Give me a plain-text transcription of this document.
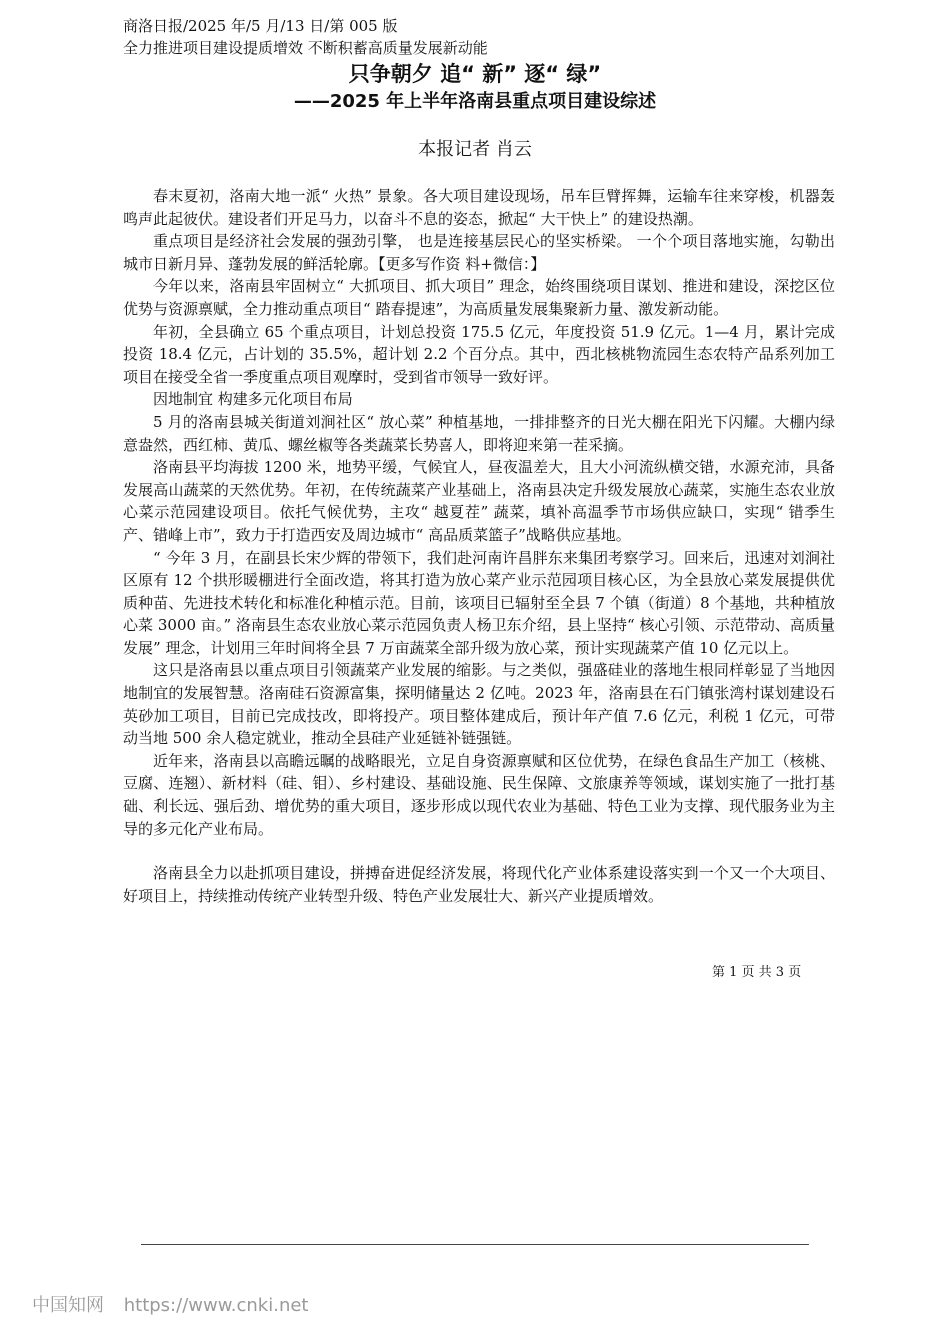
商洛日报/2025 年/5 月/13 日/第 005 版
全力推进项目建设提质增效 不断积蓄高质量发展新动能
只争朝夕 追“ 新” 逐“ 绿”
——2025 年上半年洛南县重点项目建设综述
本报记者 肖云

春末夏初，洛南大地一派“ 火热” 景象。各大项目建设现场，吊车巨臂挥舞，运输车往来穿梭，机器轰鸣声此起彼伏。建设者们开足马力，以奋斗不息的姿态，掀起“ 大干快上” 的建设热潮。

重点项目是经济社会发展的强劲引擎， 也是连接基层民心的坚实桥梁。 一个个项目落地实施，勾勒出城市日新月异、蓬勃发展的鲜活轮廓。【更多写作资 料+微信：】

今年以来，洛南县牢固树立“ 大抓项目、抓大项目” 理念，始终围绕项目谋划、推进和建设，深挖区位优势与资源禀赋，全力推动重点项目“ 踏春提速”，为高质量发展集聚新力量、激发新动能。

年初，全县确立 65 个重点项目，计划总投资 175.5 亿元，年度投资 51.9 亿元。1—4 月，累计完成投资 18.4 亿元，占计划的 35.5%，超计划 2.2 个百分点。其中，西北核桃物流园生态农特产品系列加工项目在接受全省一季度重点项目观摩时，受到省市领导一致好评。

因地制宜 构建多元化项目布局

5 月的洛南县城关街道刘涧社区“ 放心菜” 种植基地，一排排整齐的日光大棚在阳光下闪耀。大棚内绿意盎然，西红柿、黄瓜、螺丝椒等各类蔬菜长势喜人，即将迎来第一茬采摘。

洛南县平均海拔 1200 米，地势平缓，气候宜人，昼夜温差大，且大小河流纵横交错，水源充沛，具备发展高山蔬菜的天然优势。年初，在传统蔬菜产业基础上，洛南县决定升级发展放心蔬菜，实施生态农业放心菜示范园建设项目。依托气候优势，主攻“ 越夏茬” 蔬菜，填补高温季节市场供应缺口，实现“ 错季生产、错峰上市”，致力于打造西安及周边城市“ 高品质菜篮子”战略供应基地。

“ 今年 3 月，在副县长宋少辉的带领下，我们赴河南许昌胖东来集团考察学习。回来后，迅速对刘涧社区原有 12 个拱形暖棚进行全面改造，将其打造为放心菜产业示范园项目核心区，为全县放心菜发展提供优质种苗、先进技术转化和标准化种植示范。目前，该项目已辐射至全县 7 个镇（街道）8 个基地，共种植放心菜 3000 亩。” 洛南县生态农业放心菜示范园负责人杨卫东介绍，县上坚持“ 核心引领、示范带动、高质量发展” 理念，计划用三年时间将全县 7 万亩蔬菜全部升级为放心菜，预计实现蔬菜产值 10 亿元以上。

这只是洛南县以重点项目引领蔬菜产业发展的缩影。与之类似，强盛硅业的落地生根同样彰显了当地因地制宜的发展智慧。洛南硅石资源富集，探明储量达 2 亿吨。2023 年，洛南县在石门镇张湾村谋划建设石英砂加工项目，目前已完成技改，即将投产。项目整体建成后，预计年产值 7.6 亿元，利税 1 亿元，可带动当地 500 余人稳定就业，推动全县硅产业延链补链强链。

近年来，洛南县以高瞻远瞩的战略眼光，立足自身资源禀赋和区位优势，在绿色食品生产加工（核桃、豆腐、连翘）、新材料（硅、钼）、乡村建设、基础设施、民生保障、文旅康养等领域，谋划实施了一批打基础、利长远、强后劲、增优势的重大项目，逐步形成以现代农业为基础、特色工业为支撑、现代服务业为主导的多元化产业布局。

洛南县全力以赴抓项目建设，拼搏奋进促经济发展，将现代化产业体系建设落实到一个又一个大项目、好项目上，持续推动传统产业转型升级、特色产业发展壮大、新兴产业提质增效。

第 1 页 共 3 页
中国知网 https://www.cnki.net
